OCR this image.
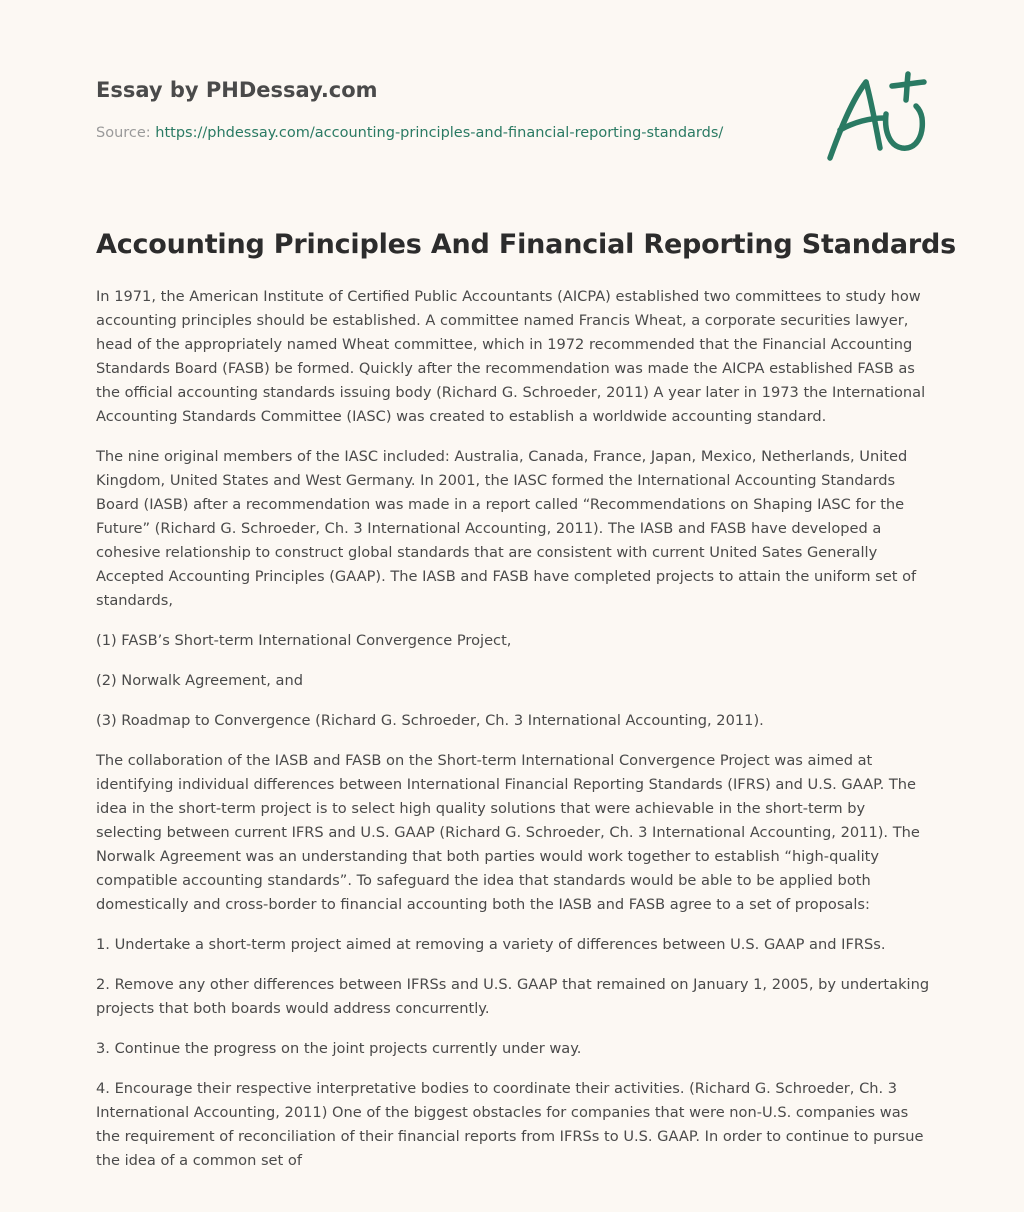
Essay by PHDessay.com
Source: https://phdessay.com/accounting-principles-and-financial-reporting-standards/
Accounting Principles And Financial Reporting Standards

In 1971, the American Institute of Certified Public Accountants (AICPA) established two committees to study how accounting principles should be established. A committee named Francis Wheat, a corporate securities lawyer, head of the appropriately named Wheat committee, which in 1972 recommended that the Financial Accounting Standards Board (FASB) be formed. Quickly after the recommendation was made the AICPA established FASB as the official accounting standards issuing body (Richard G. Schroeder, 2011) A year later in 1973 the International Accounting Standards Committee (IASC) was created to establish a worldwide accounting standard.

The nine original members of the IASC included: Australia, Canada, France, Japan, Mexico, Netherlands, United Kingdom, United States and West Germany. In 2001, the IASC formed the International Accounting Standards Board (IASB) after a recommendation was made in a report called “Recommendations on Shaping IASC for the Future” (Richard G. Schroeder, Ch. 3 International Accounting, 2011). The IASB and FASB have developed a cohesive relationship to construct global standards that are consistent with current United Sates Generally Accepted Accounting Principles (GAAP). The IASB and FASB have completed projects to attain the uniform set of standards,

(1) FASB’s Short-term International Convergence Project,

(2) Norwalk Agreement, and

(3) Roadmap to Convergence (Richard G. Schroeder, Ch. 3 International Accounting, 2011).

The collaboration of the IASB and FASB on the Short-term International Convergence Project was aimed at identifying individual differences between International Financial Reporting Standards (IFRS) and U.S. GAAP. The idea in the short-term project is to select high quality solutions that were achievable in the short-term by selecting between current IFRS and U.S. GAAP (Richard G. Schroeder, Ch. 3 International Accounting, 2011). The Norwalk Agreement was an understanding that both parties would work together to establish “high-quality compatible accounting standards”. To safeguard the idea that standards would be able to be applied both domestically and cross-border to financial accounting both the IASB and FASB agree to a set of proposals:

1. Undertake a short-term project aimed at removing a variety of differences between U.S. GAAP and IFRSs.

2. Remove any other differences between IFRSs and U.S. GAAP that remained on January 1, 2005, by undertaking projects that both boards would address concurrently.

3. Continue the progress on the joint projects currently under way.

4. Encourage their respective interpretative bodies to coordinate their activities. (Richard G. Schroeder, Ch. 3 International Accounting, 2011) One of the biggest obstacles for companies that were non-U.S. companies was the requirement of reconciliation of their financial reports from IFRSs to U.S. GAAP. In order to continue to pursue the idea of a common set of
